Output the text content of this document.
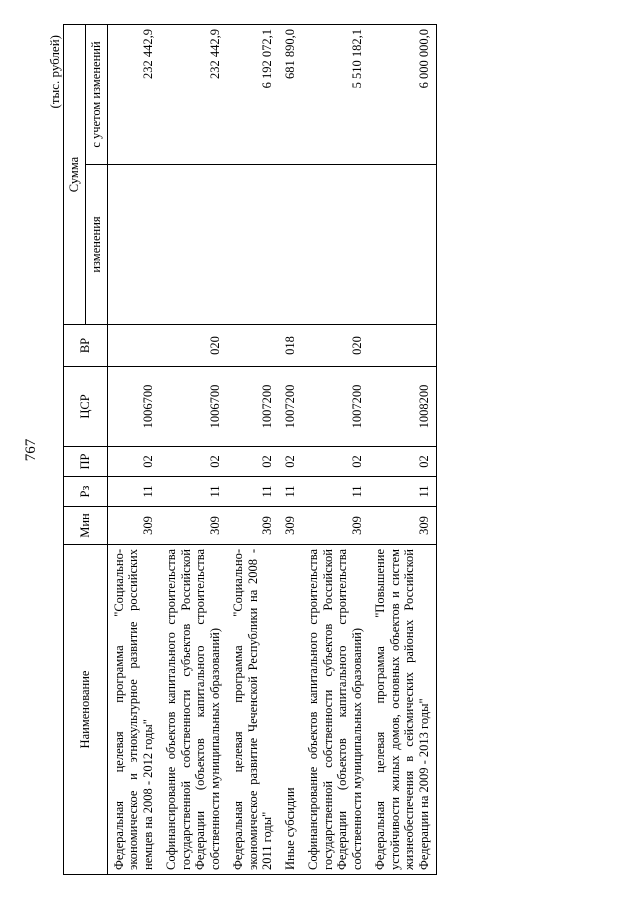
767
(тыс. рублей)
Наименование	Мин	Рз	ПР	ЦСР	ВР	Сумма	
						изменения	с учетом изменений
Федеральная целевая программа "Социально-экономическое и этнокультурное развитие российских немцев на 2008 - 2012 годы"	309	11	02	1006700			232 442,9
Софинансирование объектов капитального строительства государственной собственности субъектов Российской Федерации (объектов капитального строительства собственности муниципальных образований)	309	11	02	1006700	020		232 442,9
Федеральная целевая программа "Социально-экономическое развитие Чеченской Республики на 2008 - 2011 годы"	309	11	02	1007200			6 192 072,1
Иные субсидии	309	11	02	1007200	018		681 890,0
Софинансирование объектов капитального строительства государственной собственности субъектов Российской Федерации (объектов капитального строительства собственности муниципальных образований)	309	11	02	1007200	020		5 510 182,1
Федеральная целевая программа "Повышение устойчивости жилых домов, основных объектов и систем жизнеобеспечения в сейсмических районах Российской Федерации на 2009 - 2013 годы"	309	11	02	1008200			6 000 000,0
